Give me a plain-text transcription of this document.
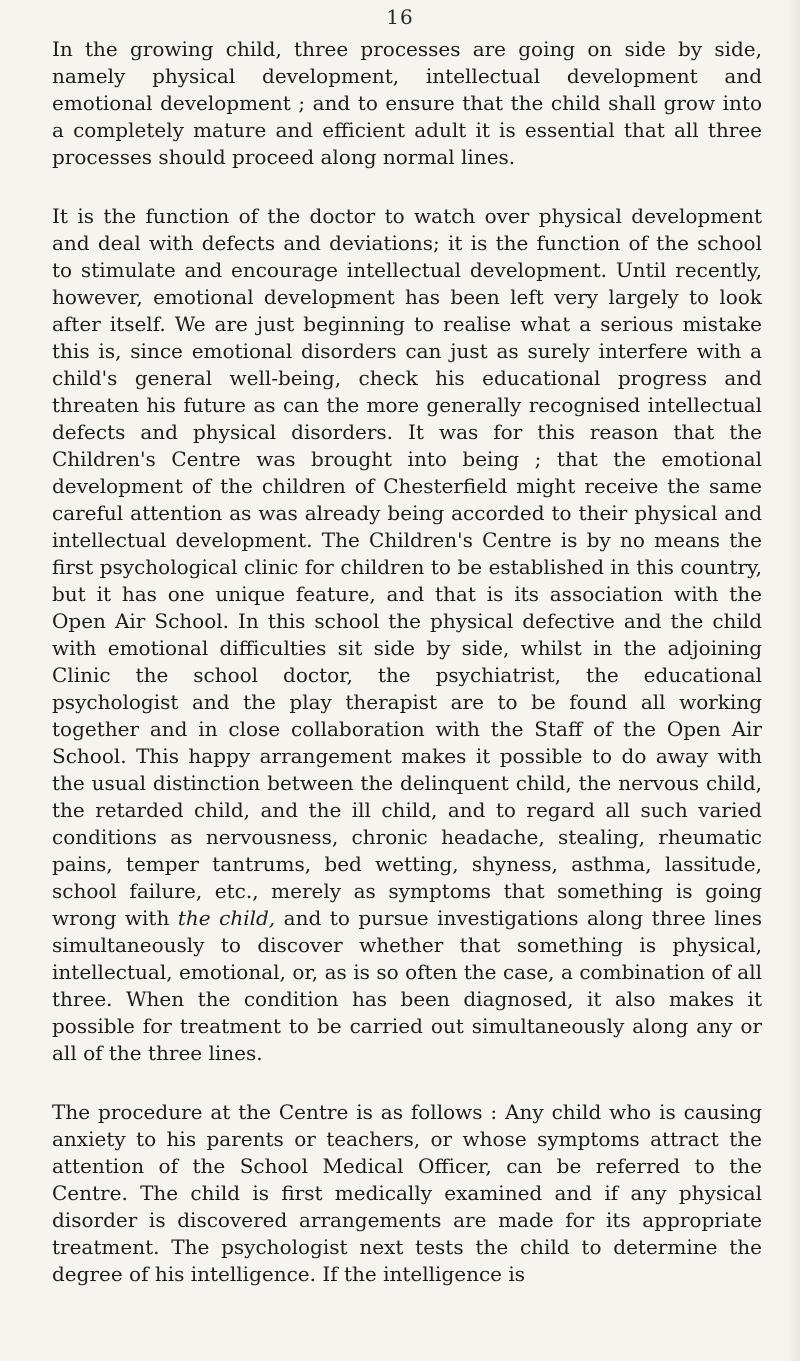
16

In the growing child, three processes are going on side by side, namely physical development, intellectual development and emotional development ; and to ensure that the child shall grow into a completely mature and efficient adult it is essential that all three processes should proceed along normal lines.

It is the function of the doctor to watch over physical development and deal with defects and deviations; it is the function of the school to stimulate and encourage intellectual development. Until recently, however, emotional development has been left very largely to look after itself. We are just beginning to realise what a serious mistake this is, since emotional disorders can just as surely interfere with a child's general well-being, check his educational progress and threaten his future as can the more generally recognised intellectual defects and physical disorders. It was for this reason that the Children's Centre was brought into being ; that the emotional development of the children of Chesterfield might receive the same careful attention as was already being accorded to their physical and intellectual development. The Children's Centre is by no means the first psychological clinic for children to be established in this country, but it has one unique feature, and that is its association with the Open Air School. In this school the physical defective and the child with emotional difficulties sit side by side, whilst in the adjoining Clinic the school doctor, the psychiatrist, the educational psychologist and the play therapist are to be found all working together and in close collaboration with the Staff of the Open Air School. This happy arrangement makes it possible to do away with the usual distinction between the delinquent child, the nervous child, the retarded child, and the ill child, and to regard all such varied conditions as nervousness, chronic headache, stealing, rheumatic pains, temper tantrums, bed wetting, shyness, asthma, lassitude, school failure, etc., merely as symptoms that something is going wrong with the child, and to pursue investigations along three lines simultaneously to discover whether that something is physical, intellectual, emotional, or, as is so often the case, a combination of all three. When the condition has been diagnosed, it also makes it possible for treatment to be carried out simultaneously along any or all of the three lines.

The procedure at the Centre is as follows : Any child who is causing anxiety to his parents or teachers, or whose symptoms attract the attention of the School Medical Officer, can be referred to the Centre. The child is first medically examined and if any physical disorder is discovered arrangements are made for its appropriate treatment. The psychologist next tests the child to determine the degree of his intelligence. If the intelligence is
